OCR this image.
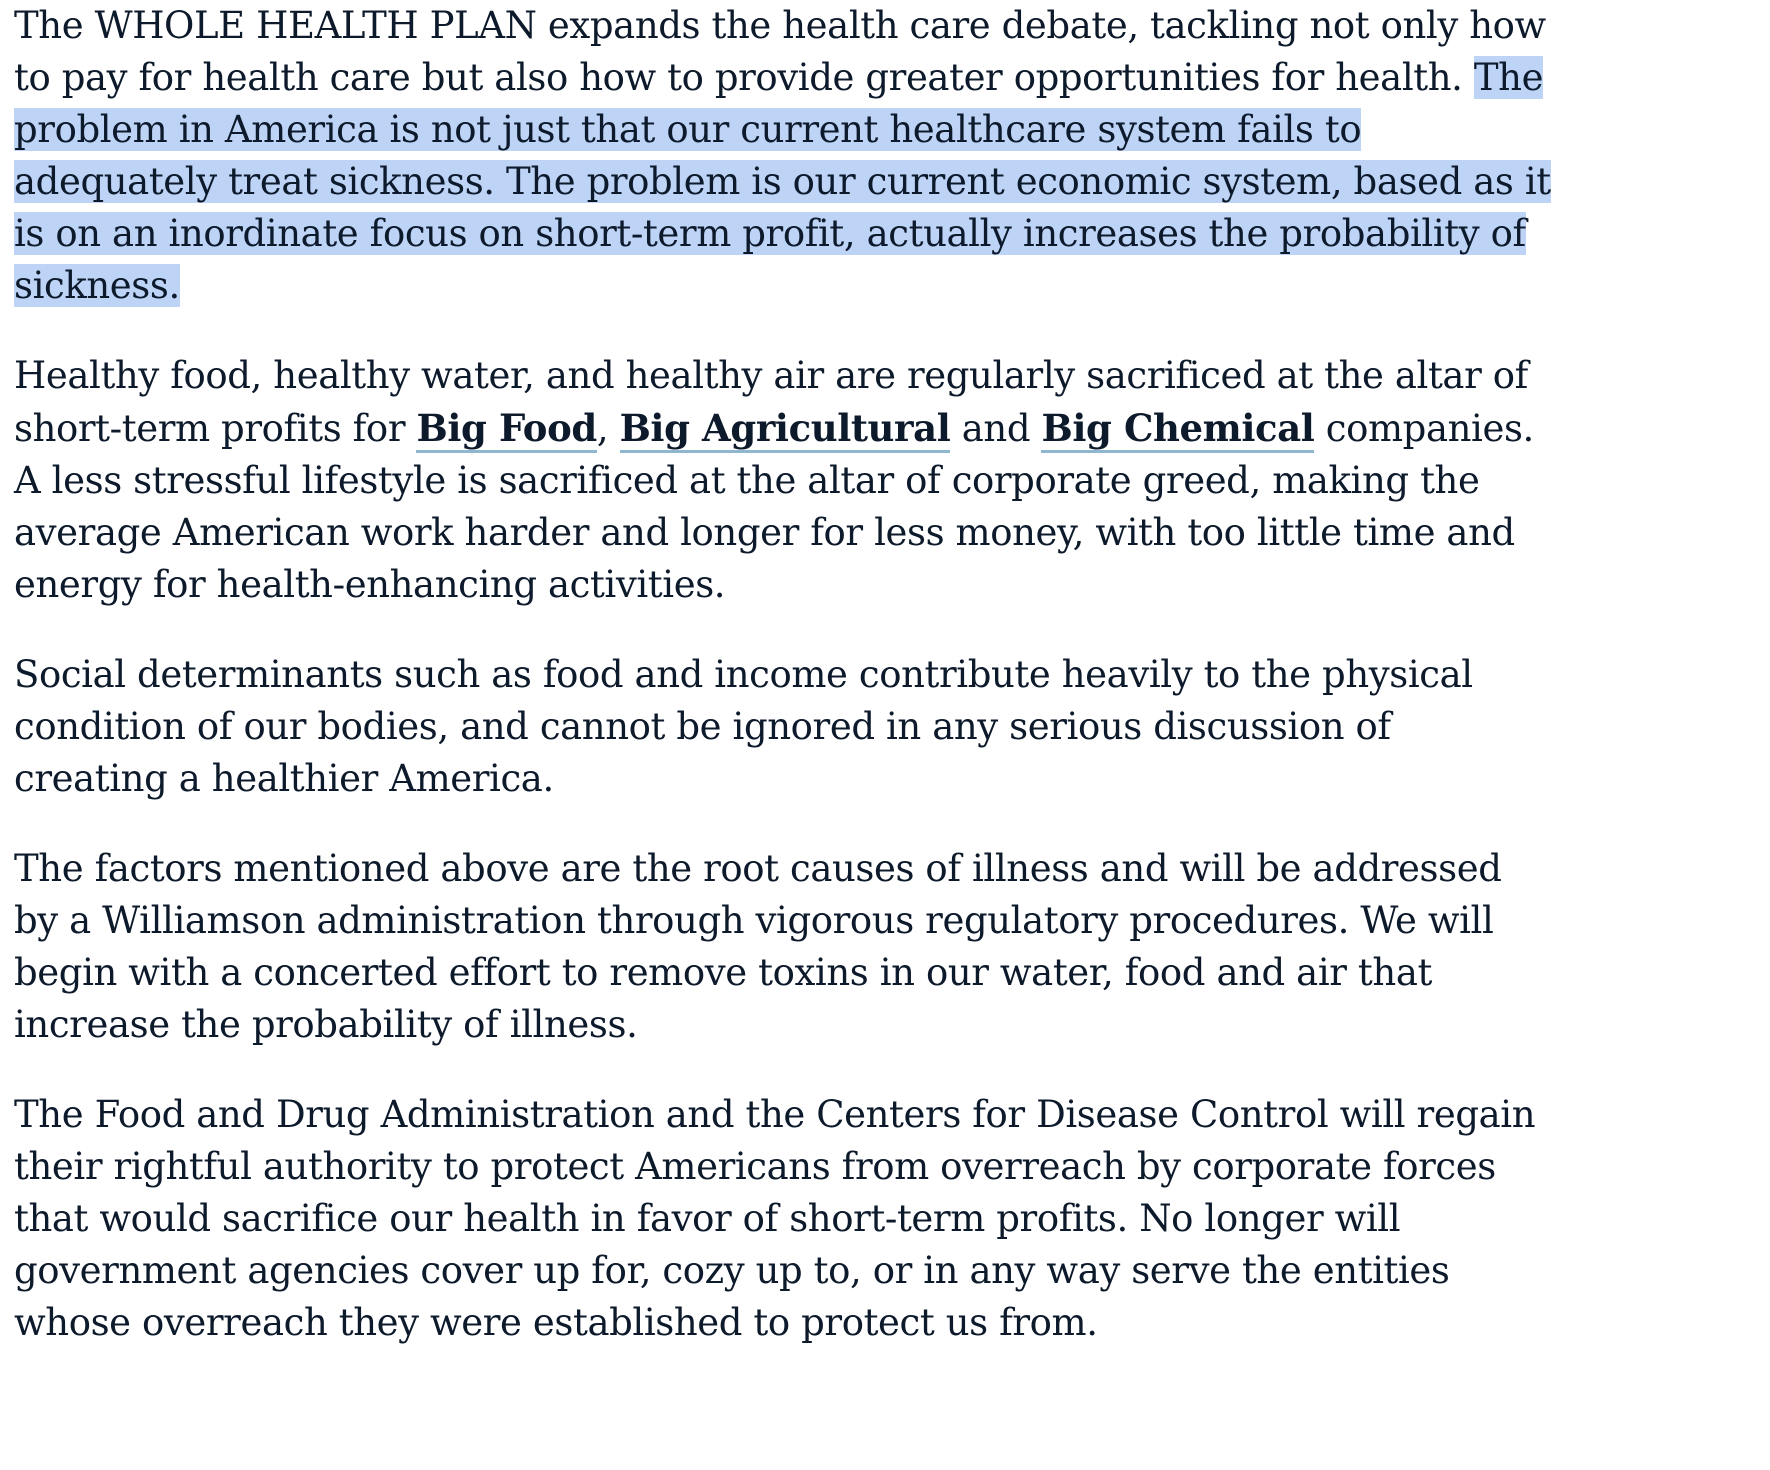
The WHOLE HEALTH PLAN expands the health care debate, tackling not only how to pay for health care but also how to provide greater opportunities for health. The problem in America is not just that our current healthcare system fails to adequately treat sickness. The problem is our current economic system, based as it is on an inordinate focus on short-term profit, actually increases the probability of sickness.

Healthy food, healthy water, and healthy air are regularly sacrificed at the altar of short-term profits for Big Food, Big Agricultural and Big Chemical companies. A less stressful lifestyle is sacrificed at the altar of corporate greed, making the average American work harder and longer for less money, with too little time and energy for health-enhancing activities.

Social determinants such as food and income contribute heavily to the physical condition of our bodies, and cannot be ignored in any serious discussion of creating a healthier America.

The factors mentioned above are the root causes of illness and will be addressed by a Williamson administration through vigorous regulatory procedures. We will begin with a concerted effort to remove toxins in our water, food and air that increase the probability of illness.

The Food and Drug Administration and the Centers for Disease Control will regain their rightful authority to protect Americans from overreach by corporate forces that would sacrifice our health in favor of short-term profits. No longer will government agencies cover up for, cozy up to, or in any way serve the entities whose overreach they were established to protect us from.
